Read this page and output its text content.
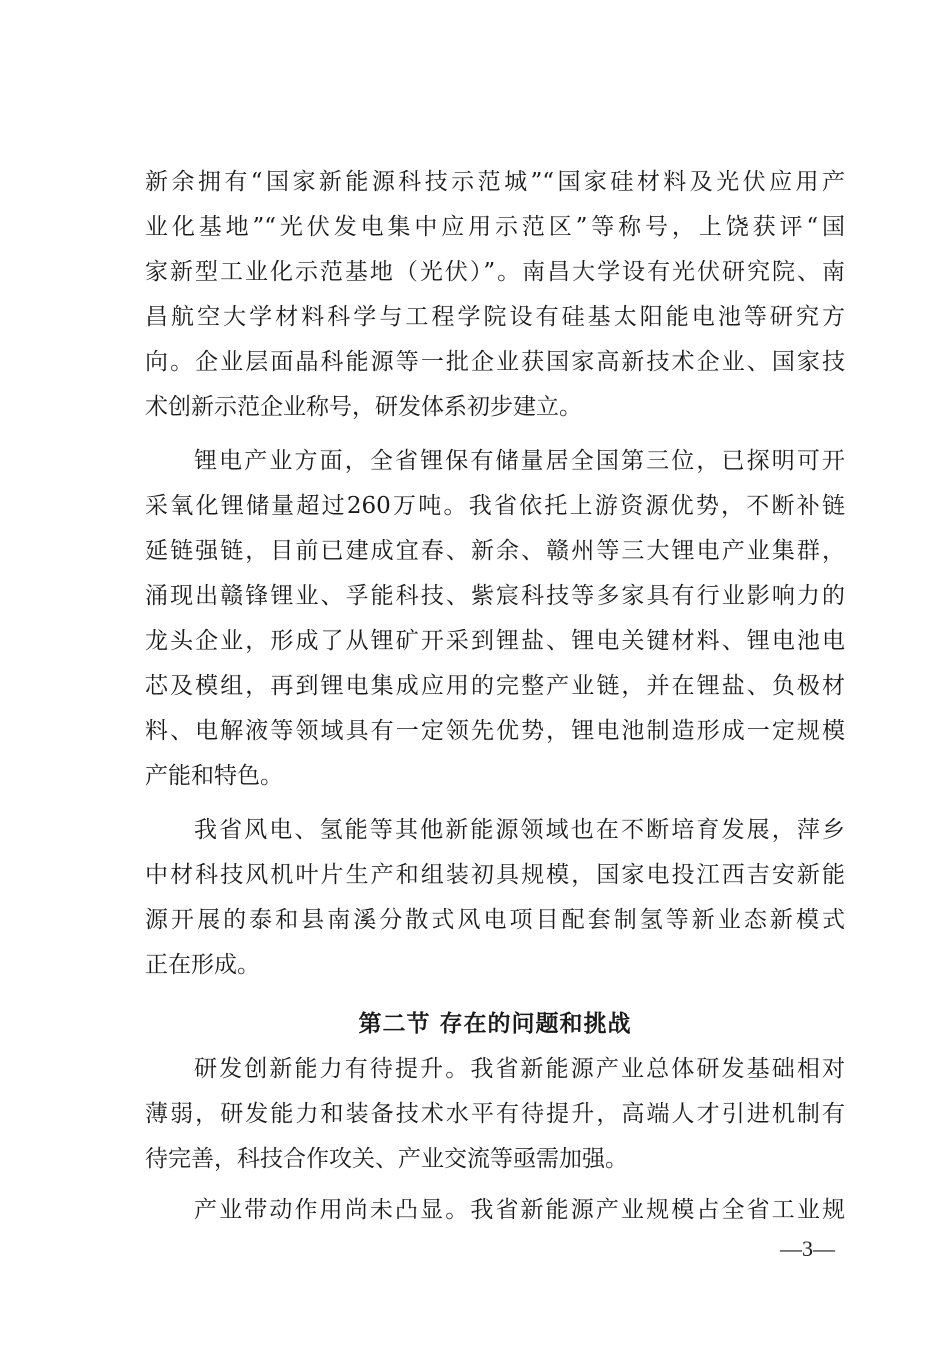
新余拥有“国家新能源科技示范城”“国家硅材料及光伏应用产
业化基地”“光伏发电集中应用示范区”等称号，上饶获评“国
家新型工业化示范基地（光伏）”。南昌大学设有光伏研究院、南
昌航空大学材料科学与工程学院设有硅基太阳能电池等研究方
向。企业层面晶科能源等一批企业获国家高新技术企业、国家技
术创新示范企业称号，研发体系初步建立。
锂电产业方面，全省锂保有储量居全国第三位，已探明可开
采氧化锂储量超过260万吨。我省依托上游资源优势，不断补链
延链强链，目前已建成宜春、新余、赣州等三大锂电产业集群，
涌现出赣锋锂业、孚能科技、紫宸科技等多家具有行业影响力的
龙头企业，形成了从锂矿开采到锂盐、锂电关键材料、锂电池电
芯及模组，再到锂电集成应用的完整产业链，并在锂盐、负极材
料、电解液等领域具有一定领先优势，锂电池制造形成一定规模
产能和特色。
我省风电、氢能等其他新能源领域也在不断培育发展，萍乡
中材科技风机叶片生产和组装初具规模，国家电投江西吉安新能
源开展的泰和县南溪分散式风电项目配套制氢等新业态新模式
正在形成。
第二节 存在的问题和挑战
研发创新能力有待提升。我省新能源产业总体研发基础相对
薄弱，研发能力和装备技术水平有待提升，高端人才引进机制有
待完善，科技合作攻关、产业交流等亟需加强。
产业带动作用尚未凸显。我省新能源产业规模占全省工业规
—3—
